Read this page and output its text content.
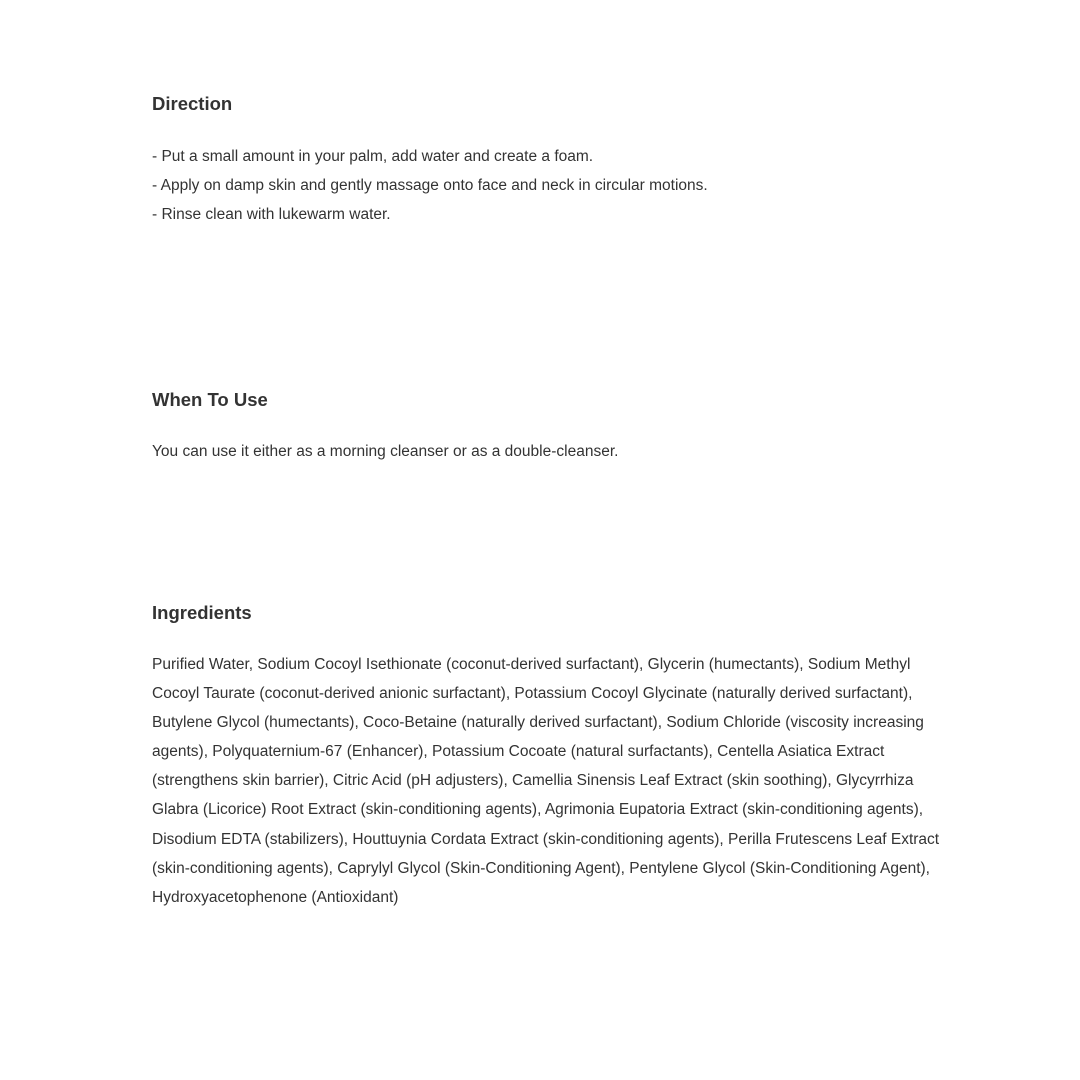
Direction
- Put a small amount in your palm, add water and create a foam.
- Apply on damp skin and gently massage onto face and neck in circular motions.
- Rinse clean with lukewarm water.
When To Use

You can use it either as a morning cleanser or as a double-cleanser.

Ingredients

Purified Water, Sodium Cocoyl Isethionate (coconut-derived surfactant), Glycerin (humectants), Sodium Methyl Cocoyl Taurate (coconut-derived anionic surfactant), Potassium Cocoyl Glycinate (naturally derived surfactant), Butylene Glycol (humectants), Coco-Betaine (naturally derived surfactant), Sodium Chloride (viscosity increasing agents), Polyquaternium-67 (Enhancer), Potassium Cocoate (natural surfactants), Centella Asiatica Extract (strengthens skin barrier), Citric Acid (pH adjusters), Camellia Sinensis Leaf Extract (skin soothing), Glycyrrhiza Glabra (Licorice) Root Extract (skin-conditioning agents), Agrimonia Eupatoria Extract (skin-conditioning agents), Disodium EDTA (stabilizers), Houttuynia Cordata Extract (skin-conditioning agents), Perilla Frutescens Leaf Extract (skin-conditioning agents), Caprylyl Glycol (Skin-Conditioning Agent), Pentylene Glycol (Skin-Conditioning Agent), Hydroxyacetophenone (Antioxidant)
